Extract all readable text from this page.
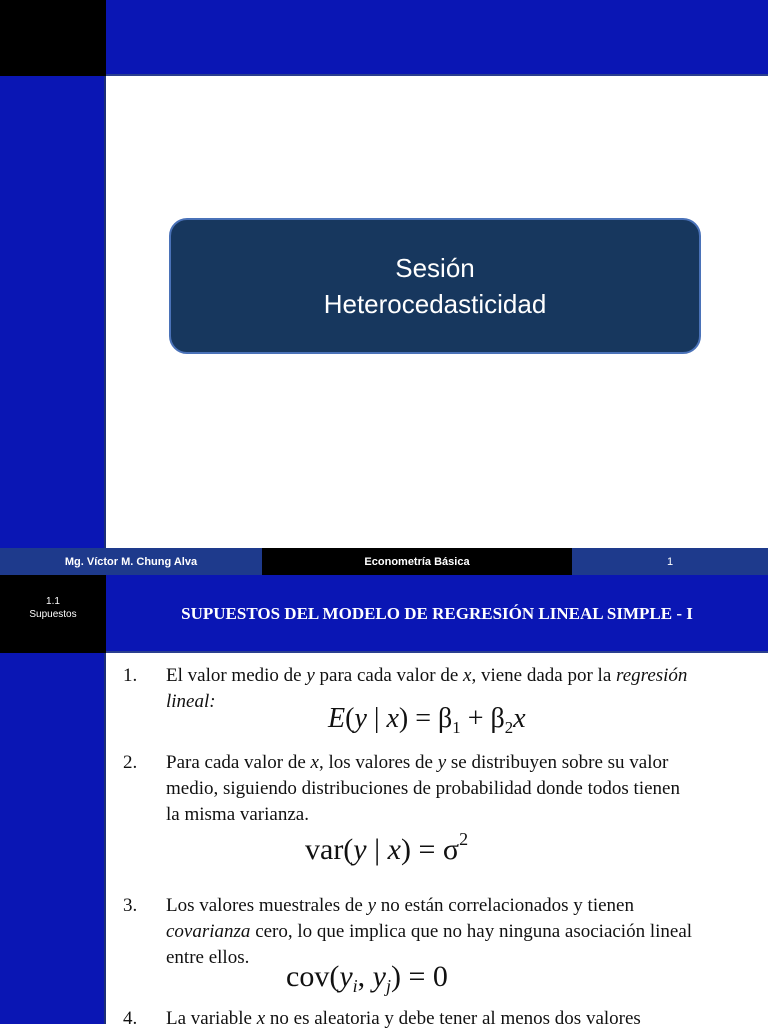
Sesión
Heterocedasticidad
Mg. Víctor M. Chung Alva	Econometría Básica	1
1.1
Supuestos	SUPUESTOS DEL MODELO DE REGRESIÓN LINEAL SIMPLE - I
1.	El valor medio de y para cada valor de x, viene dada por la regresión
lineal:
E(y | $x) = \beta_1 + \beta_2x$
2.	Para cada valor de x, los valores de y se distribuyen sobre su valor
medio, siguiendo distribuciones de probabilidad donde todos tienen
la misma varianza.
var(y | $x) = \sigma^2$
3.	Los valores muestrales de y no están correlacionados y tienen
covarianza cero, lo que implica que no hay ninguna asociación lineal
entre ellos.
$cov(y_i$, $y_j) = 0$
4.	La variable x no es aleatoria y debe tener al menos dos valores
